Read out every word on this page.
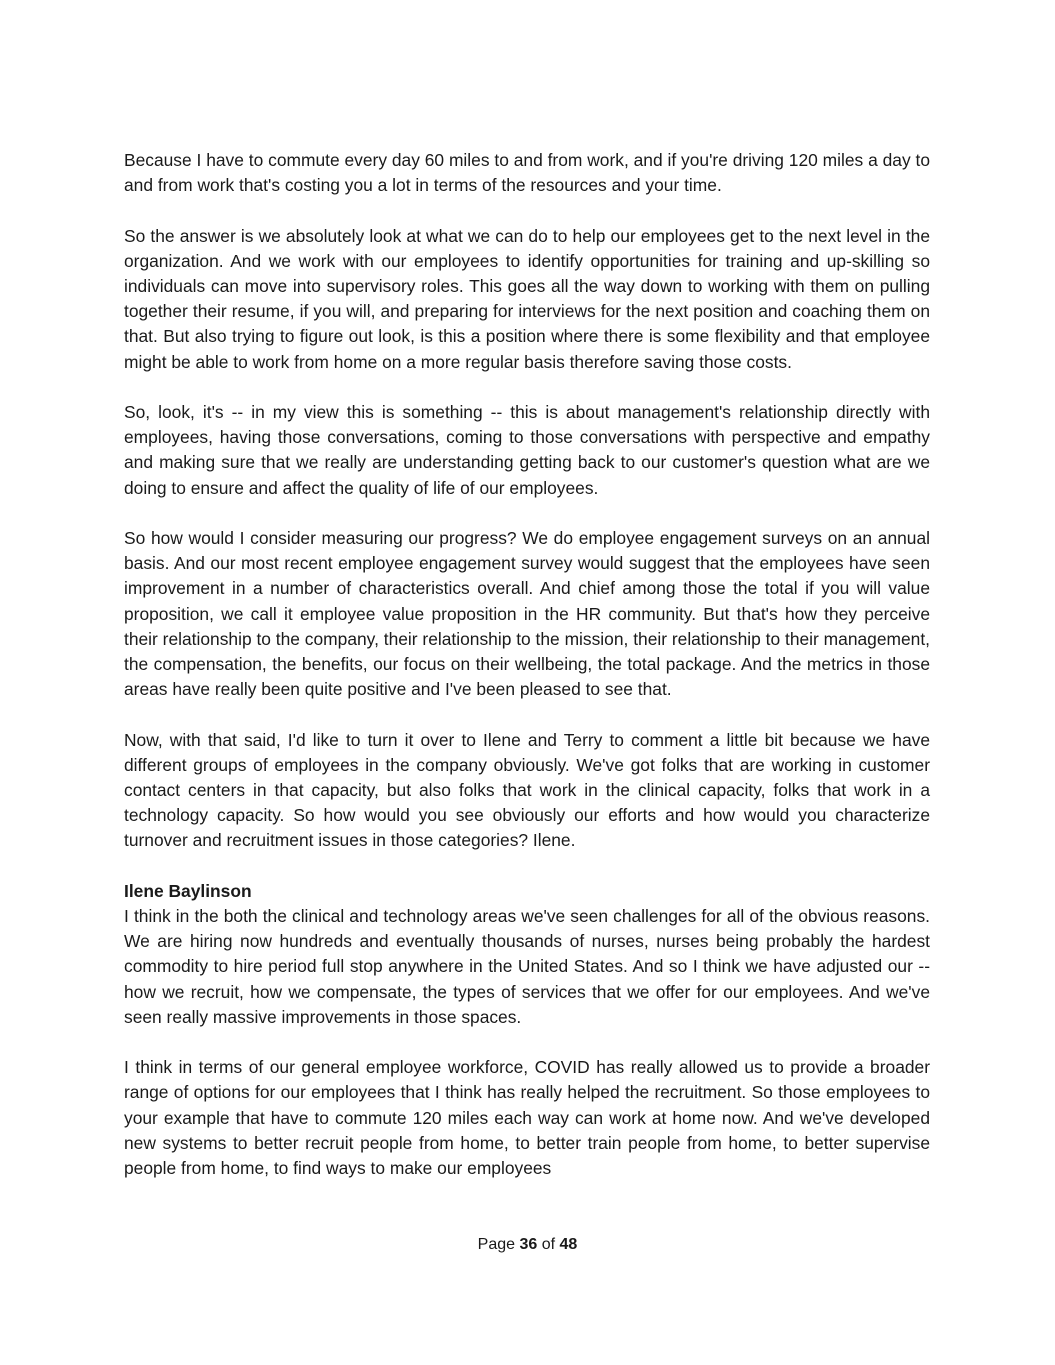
Because I have to commute every day 60 miles to and from work, and if you're driving 120 miles a day to and from work that's costing you a lot in terms of the resources and your time.

So the answer is we absolutely look at what we can do to help our employees get to the next level in the organization. And we work with our employees to identify opportunities for training and up-skilling so individuals can move into supervisory roles. This goes all the way down to working with them on pulling together their resume, if you will, and preparing for interviews for the next position and coaching them on that. But also trying to figure out look, is this a position where there is some flexibility and that employee might be able to work from home on a more regular basis therefore saving those costs.

So, look, it's -- in my view this is something -- this is about management's relationship directly with employees, having those conversations, coming to those conversations with perspective and empathy and making sure that we really are understanding getting back to our customer's question what are we doing to ensure and affect the quality of life of our employees.

So how would I consider measuring our progress? We do employee engagement surveys on an annual basis. And our most recent employee engagement survey would suggest that the employees have seen improvement in a number of characteristics overall. And chief among those the total if you will value proposition, we call it employee value proposition in the HR community. But that's how they perceive their relationship to the company, their relationship to the mission, their relationship to their management, the compensation, the benefits, our focus on their wellbeing, the total package. And the metrics in those areas have really been quite positive and I've been pleased to see that.

Now, with that said, I'd like to turn it over to Ilene and Terry to comment a little bit because we have different groups of employees in the company obviously. We've got folks that are working in customer contact centers in that capacity, but also folks that work in the clinical capacity, folks that work in a technology capacity. So how would you see obviously our efforts and how would you characterize turnover and recruitment issues in those categories? Ilene.

Ilene Baylinson

I think in the both the clinical and technology areas we've seen challenges for all of the obvious reasons. We are hiring now hundreds and eventually thousands of nurses, nurses being probably the hardest commodity to hire period full stop anywhere in the United States. And so I think we have adjusted our -- how we recruit, how we compensate, the types of services that we offer for our employees. And we've seen really massive improvements in those spaces.

I think in terms of our general employee workforce, COVID has really allowed us to provide a broader range of options for our employees that I think has really helped the recruitment. So those employees to your example that have to commute 120 miles each way can work at home now. And we've developed new systems to better recruit people from home, to better train people from home, to better supervise people from home, to find ways to make our employees

Page 36 of 48
